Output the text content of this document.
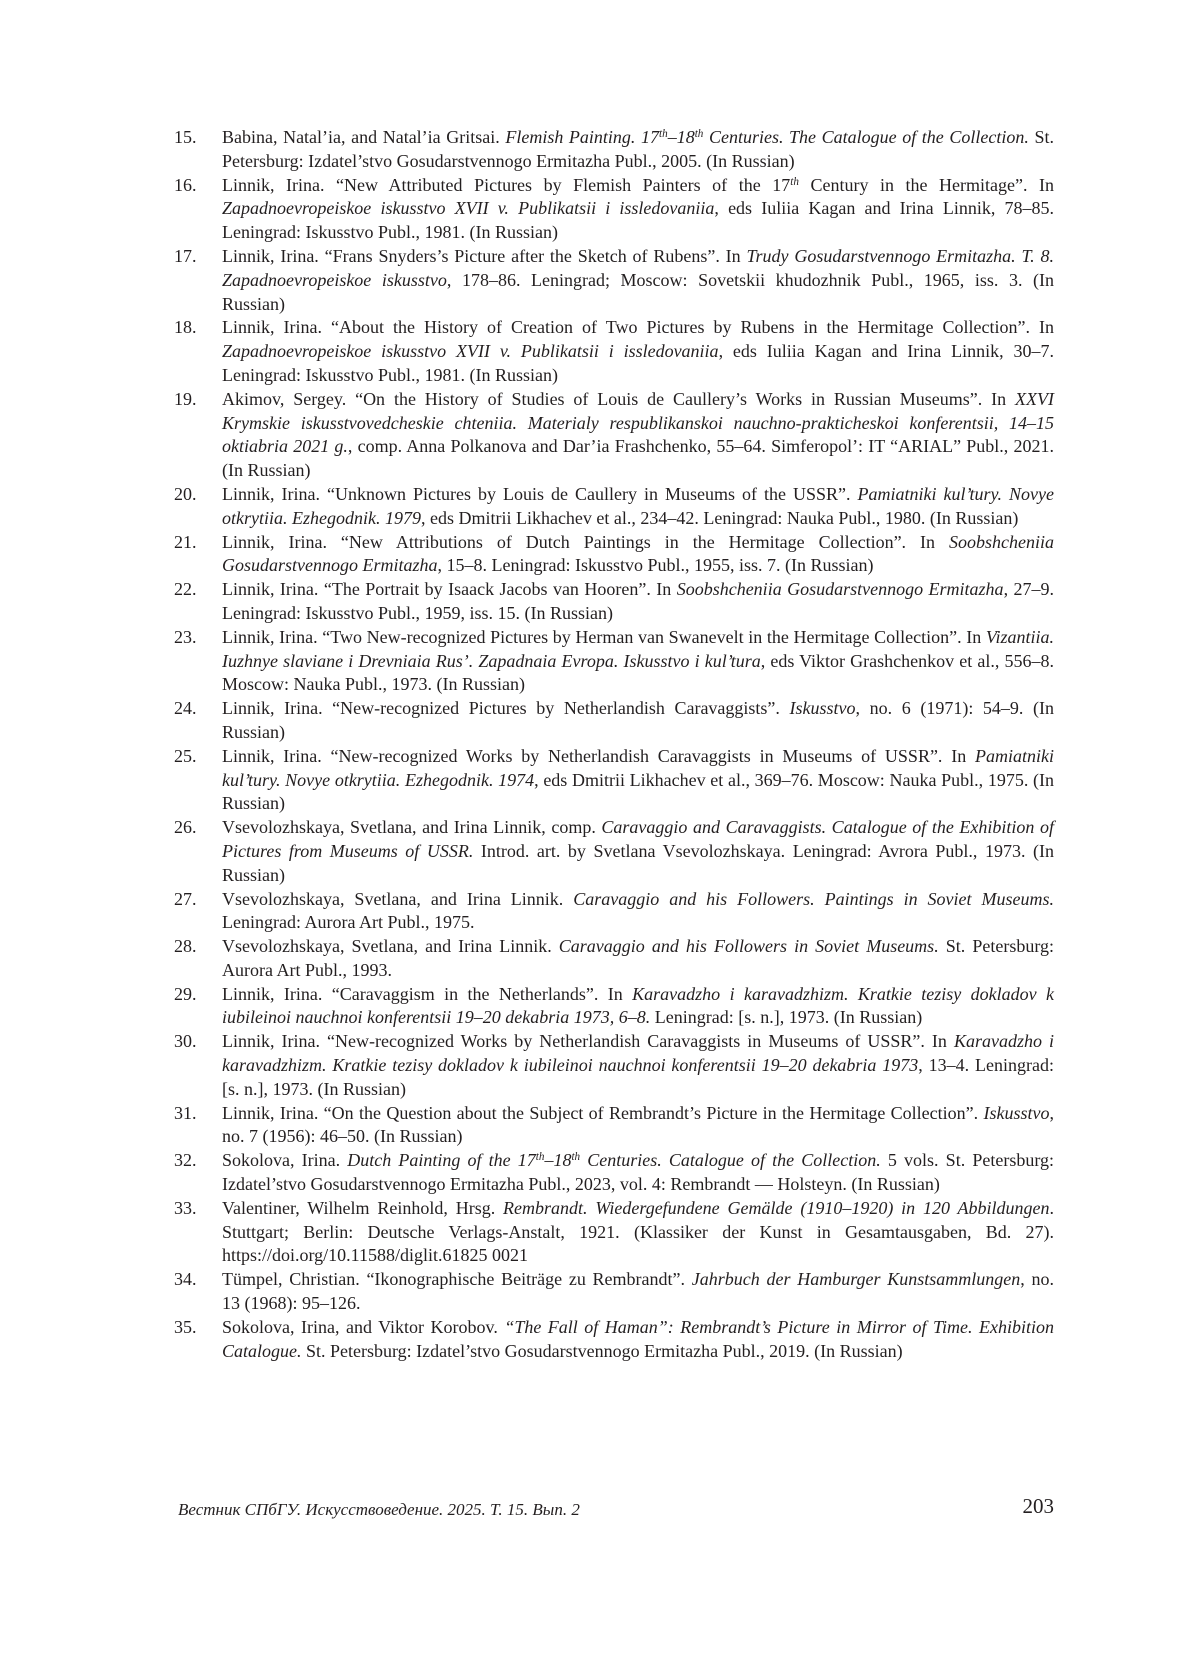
15.	Babina, Natal’ia, and Natal’ia Gritsai. Flemish Painting. 17th–18th Centuries. The Catalogue of the Collection. St. Petersburg: Izdatel’stvo Gosudarstvennogo Ermitazha Publ., 2005. (In Russian)
16.	Linnik, Irina. “New Attributed Pictures by Flemish Painters of the 17th Century in the Hermitage”. In Zapadnoevropeiskoe iskusstvo XVII v. Publikatsii i issledovaniia, eds Iuliia Kagan and Irina Linnik, 78–85. Leningrad: Iskusstvo Publ., 1981. (In Russian)
17.	Linnik, Irina. “Frans Snyders’s Picture after the Sketch of Rubens”. In Trudy Gosudarstvennogo Ermitazha. T. 8. Zapadnoevropeiskoe iskusstvo, 178–86. Leningrad; Moscow: Sovetskii khudozhnik Publ., 1965, iss. 3. (In Russian)
18.	Linnik, Irina. “About the History of Creation of Two Pictures by Rubens in the Hermitage Collection”. In Zapadnoevropeiskoe iskusstvo XVII v. Publikatsii i issledovaniia, eds Iuliia Kagan and Irina Linnik, 30–7. Leningrad: Iskusstvo Publ., 1981. (In Russian)
19.	Akimov, Sergey. “On the History of Studies of Louis de Caullery’s Works in Russian Museums”. In XXVI Krymskie iskusstvovedcheskie chteniia. Materialy respublikanskoi nauchno-prakticheskoi konferentsii, 14–15 oktiabria 2021 g., comp. Anna Polkanova and Dar’ia Frashchenko, 55–64. Simferopol’: IT “ARIAL” Publ., 2021. (In Russian)
20.	Linnik, Irina. “Unknown Pictures by Louis de Caullery in Museums of the USSR”. Pamiatniki kul’tury. Novye otkrytiia. Ezhegodnik. 1979, eds Dmitrii Likhachev et al., 234–42. Leningrad: Nauka Publ., 1980. (In Russian)
21.	Linnik, Irina. “New Attributions of Dutch Paintings in the Hermitage Collection”. In Soobshcheniia Gosudarstvennogo Ermitazha, 15–8. Leningrad: Iskusstvo Publ., 1955, iss. 7. (In Russian)
22.	Linnik, Irina. “The Portrait by Isaack Jacobs van Hooren”. In Soobshcheniia Gosudarstvennogo Ermitazha, 27–9. Leningrad: Iskusstvo Publ., 1959, iss. 15. (In Russian)
23.	Linnik, Irina. “Two New-recognized Pictures by Herman van Swanevelt in the Hermitage Collection”. In Vizantiia. Iuzhnye slaviane i Drevniaia Rus’. Zapadnaia Evropa. Iskusstvo i kul’tura, eds Viktor Grashchenkov et al., 556–8. Moscow: Nauka Publ., 1973. (In Russian)
24.	Linnik, Irina. “New-recognized Pictures by Netherlandish Caravaggists”. Iskusstvo, no. 6 (1971): 54–9. (In Russian)
25.	Linnik, Irina. “New-recognized Works by Netherlandish Caravaggists in Museums of USSR”. In Pamiatniki kul’tury. Novye otkrytiia. Ezhegodnik. 1974, eds Dmitrii Likhachev et al., 369–76. Moscow: Nauka Publ., 1975. (In Russian)
26.	Vsevolozhskaya, Svetlana, and Irina Linnik, comp. Caravaggio and Caravaggists. Catalogue of the Exhibition of Pictures from Museums of USSR. Introd. art. by Svetlana Vsevolozhskaya. Leningrad: Avrora Publ., 1973. (In Russian)
27.	Vsevolozhskaya, Svetlana, and Irina Linnik. Caravaggio and his Followers. Paintings in Soviet Museums. Leningrad: Aurora Art Publ., 1975.
28.	Vsevolozhskaya, Svetlana, and Irina Linnik. Caravaggio and his Followers in Soviet Museums. St. Petersburg: Aurora Art Publ., 1993.
29.	Linnik, Irina. “Caravaggism in the Netherlands”. In Karavadzho i karavadzhizm. Kratkie tezisy dokladov k iubileinoi nauchnoi konferentsii 19–20 dekabria 1973, 6–8. Leningrad: [s. n.], 1973. (In Russian)
30.	Linnik, Irina. “New-recognized Works by Netherlandish Caravaggists in Museums of USSR”. In Karavadzho i karavadzhizm. Kratkie tezisy dokladov k iubileinoi nauchnoi konferentsii 19–20 dekabria 1973, 13–4. Leningrad: [s. n.], 1973. (In Russian)
31.	Linnik, Irina. “On the Question about the Subject of Rembrandt’s Picture in the Hermitage Collection”. Iskusstvo, no. 7 (1956): 46–50. (In Russian)
32.	Sokolova, Irina. Dutch Painting of the 17th–18th Centuries. Catalogue of the Collection. 5 vols. St. Petersburg: Izdatel’stvo Gosudarstvennogo Ermitazha Publ., 2023, vol. 4: Rembrandt — Holsteyn. (In Russian)
33.	Valentiner, Wilhelm Reinhold, Hrsg. Rembrandt. Wiedergefundene Gemälde (1910–1920) in 120 Abbildungen. Stuttgart; Berlin: Deutsche Verlags-Anstalt, 1921. (Klassiker der Kunst in Gesamtausgaben, Bd. 27). https://doi.org/10.11588/diglit.61825 0021
34.	Tümpel, Christian. “Ikonographische Beiträge zu Rembrandt”. Jahrbuch der Hamburger Kunstsammlungen, no. 13 (1968): 95–126.
35.	Sokolova, Irina, and Viktor Korobov. “The Fall of Haman”: Rembrandt’s Picture in Mirror of Time. Exhibition Catalogue. St. Petersburg: Izdatel’stvo Gosudarstvennogo Ermitazha Publ., 2019. (In Russian)
Вестник СПбГУ. Искусствоведение. 2025. Т. 15. Вып. 2	203
